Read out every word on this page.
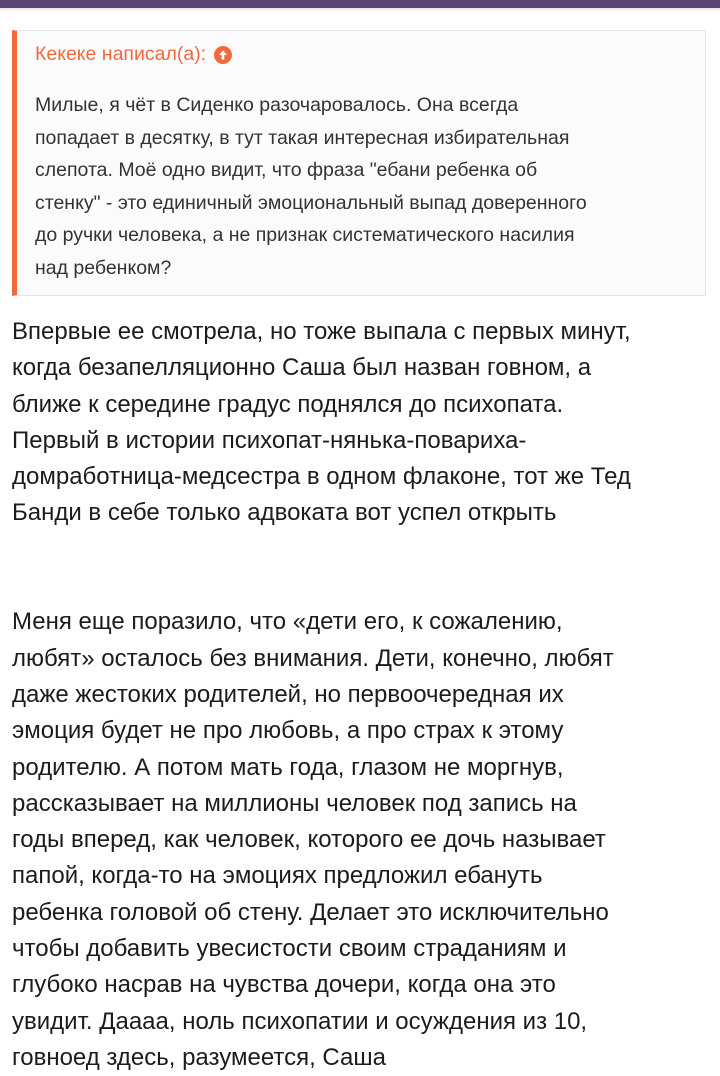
Кекеке написал(а):

Милые, я чёт в Сиденко разочаровалось. Она всегда

попадает в десятку, в тут такая интересная избирательная

слепота. Моё одно видит, что фраза "ебани ребенка об

стенку" - это единичный эмоциональный выпад доверенного

до ручки человека, а не признак систематического насилия

над ребенком?

Впервые ее смотрела, но тоже выпала с первых минут,

когда безапелляционно Саша был назван говном, а

ближе к середине градус поднялся до психопата.

Первый в истории психопат-нянька-повариха-

домработница-медсестра в одном флаконе, тот же Тед

Банди в себе только адвоката вот успел открыть

Меня еще поразило, что «дети его, к сожалению,

любят» осталось без внимания. Дети, конечно, любят

даже жестоких родителей, но первоочередная их

эмоция будет не про любовь, а про страх к этому

родителю. А потом мать года, глазом не моргнув,

рассказывает на миллионы человек под запись на

годы вперед, как человек, которого ее дочь называет

папой, когда-то на эмоциях предложил ебануть

ребенка головой об стену. Делает это исключительно

чтобы добавить увесистости своим страданиям и

глубоко насрав на чувства дочери, когда она это

увидит. Даааа, ноль психопатии и осуждения из 10,

говноед здесь, разумеется, Саша
